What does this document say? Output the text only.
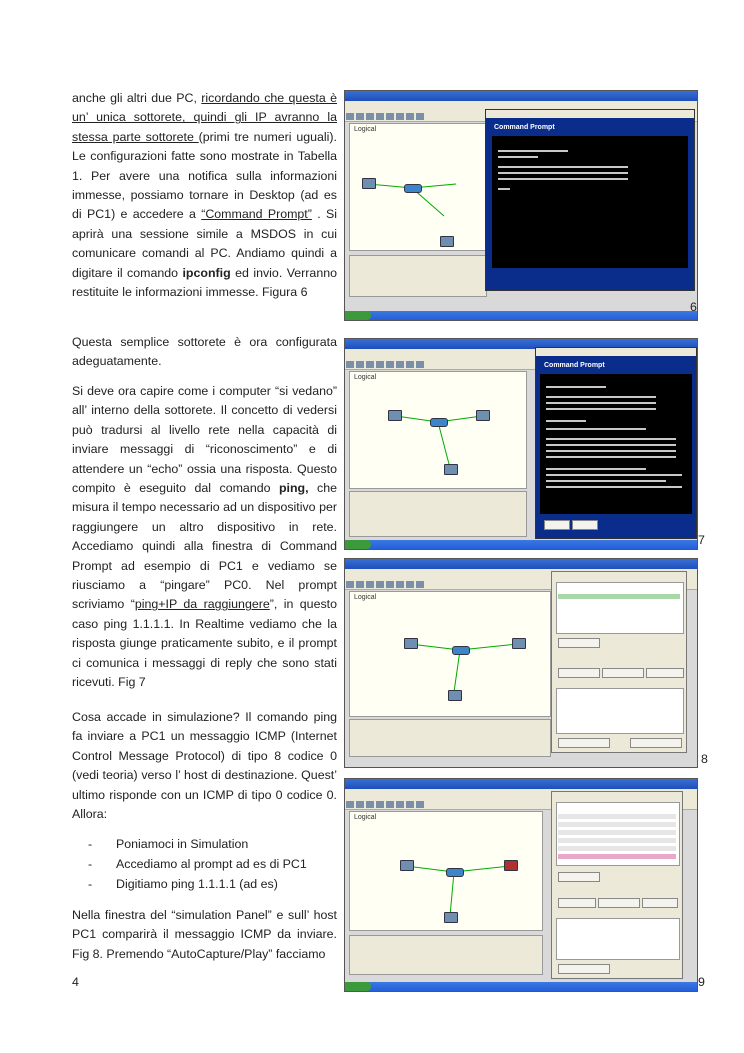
anche gli altri due PC, ricordando che questa è un’ unica sottorete, quindi gli IP avranno la stessa parte sottorete (primi tre numeri uguali). Le configurazioni fatte sono mostrate in Tabella 1. Per avere una notifica sulla informazioni immesse, possiamo tornare in Desktop (ad es di PC1) e accedere a “Command Prompt” . Si aprirà una sessione simile a MSDOS in cui comunicare comandi al PC. Andiamo quindi a digitare il comando ipconfig ed invio. Verranno restituite le informazioni immesse. Figura 6

Questa semplice sottorete è ora configurata adeguatamente.

Si deve ora capire come i computer “si vedano” all’ interno della sottorete. Il concetto di vedersi può tradursi al livello rete nella capacità di inviare messaggi di “riconoscimento” e di attendere un “echo” ossia una risposta. Questo compito è eseguito dal comando ping, che misura il tempo necessario ad un dispositivo per raggiungere un altro dispositivo in rete. Accediamo quindi alla finestra di Command Prompt ad esempio di PC1 e vediamo se riusciamo a “pingare” PC0. Nel prompt scriviamo “ping+IP da raggiungere”, in questo caso ping 1.1.1.1. In Realtime vediamo che la risposta giunge praticamente subito, e il prompt ci comunica i messaggi di reply che sono stati ricevuti. Fig 7

Cosa accade in simulazione? Il comando ping fa inviare a PC1 un messaggio ICMP (Internet Control Message Protocol) di tipo 8 codice 0 (vedi teoria) verso l’ host di destinazione. Quest’ ultimo risponde con un ICMP di tipo 0 codice 0. Allora:

- Poniamoci in Simulation
- Accediamo al prompt ad es di PC1
- Digitiamo ping 1.1.1.1 (ad es)

Nella finestra del “simulation Panel” e sull’ host PC1 comparirà il messaggio ICMP da inviare. Fig 8. Premendo “AutoCapture/Play” facciamo

4
Logical	Command Prompt
6
Logical
Command Prompt
7
Logical
8
Logical
9
